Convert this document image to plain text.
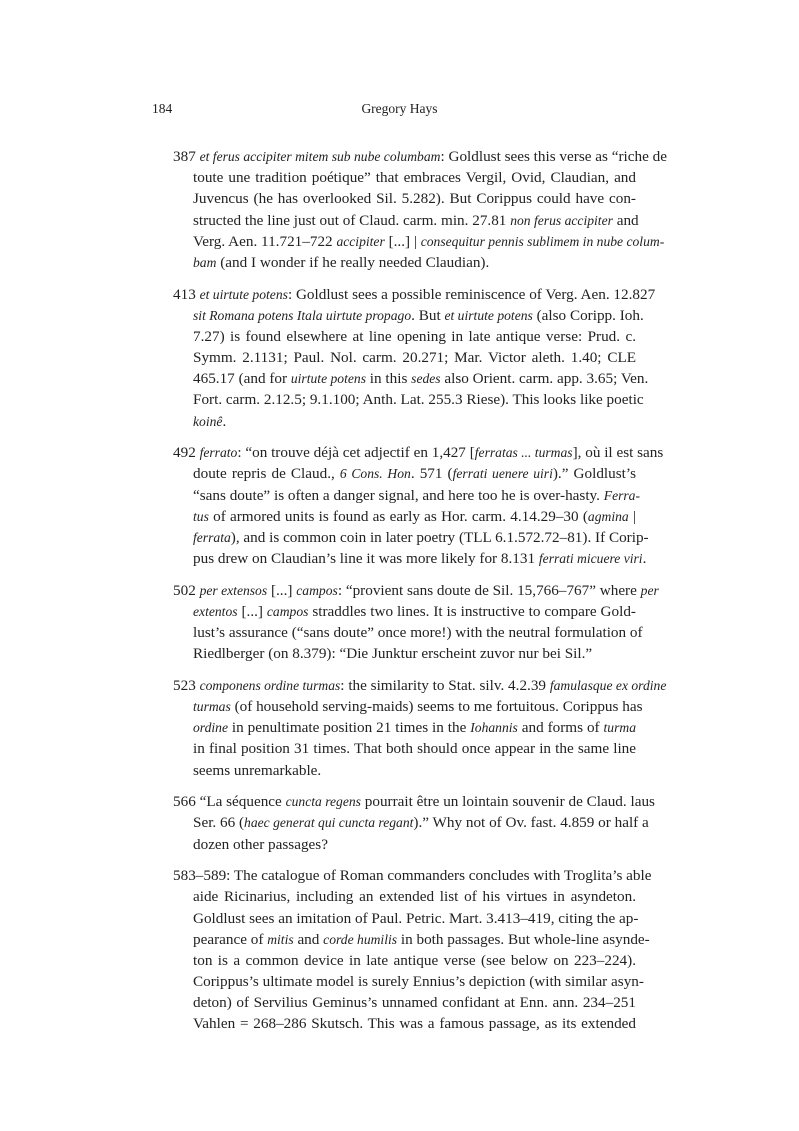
184	Gregory Hays
387 et ferus accipiter mitem sub nube columbam: Goldlust sees this verse as “riche de
toute une tradition poétique” that embraces Vergil, Ovid, Claudian, and
Juvencus (he has overlooked Sil. 5.282). But Corippus could have con-
structed the line just out of Claud. carm. min. 27.81 non ferus accipiter and
Verg. Aen. 11.721–722 accipiter [...] | consequitur pennis sublimem in nube colum-
bam (and I wonder if he really needed Claudian).
413 et uirtute potens: Goldlust sees a possible reminiscence of Verg. Aen. 12.827
sit Romana potens Itala uirtute propago. But et uirtute potens (also Coripp. Ioh.
7.27) is found elsewhere at line opening in late antique verse: Prud. c.
Symm. 2.1131; Paul. Nol. carm. 20.271; Mar. Victor aleth. 1.40; CLE
465.17 (and for uirtute potens in this sedes also Orient. carm. app. 3.65; Ven.
Fort. carm. 2.12.5; 9.1.100; Anth. Lat. 255.3 Riese). This looks like poetic
koinê.
492 ferrato: “on trouve déjà cet adjectif en 1,427 [ferratas ... turmas], où il est sans
doute repris de Claud., 6 Cons. Hon. 571 (ferrati uenere uiri).” Goldlust’s
“sans doute” is often a danger signal, and here too he is over-hasty. Ferra-
tus of armored units is found as early as Hor. carm. 4.14.29–30 (agmina |
ferrata), and is common coin in later poetry (TLL 6.1.572.72–81). If Corip-
pus drew on Claudian’s line it was more likely for 8.131 ferrati micuere viri.
502 per extensos [...] campos: “provient sans doute de Sil. 15,766–767” where per
extentos [...] campos straddles two lines. It is instructive to compare Gold-
lust’s assurance (“sans doute” once more!) with the neutral formulation of
Riedlberger (on 8.379): “Die Junktur erscheint zuvor nur bei Sil.”
523 componens ordine turmas: the similarity to Stat. silv. 4.2.39 famulasque ex ordine
turmas (of household serving-maids) seems to me fortuitous. Corippus has
ordine in penultimate position 21 times in the Iohannis and forms of turma
in final position 31 times. That both should once appear in the same line
seems unremarkable.
566 “La séquence cuncta regens pourrait être un lointain souvenir de Claud. laus
Ser. 66 (haec generat qui cuncta regant).” Why not of Ov. fast. 4.859 or half a
dozen other passages?
583–589: The catalogue of Roman commanders concludes with Troglita’s able
aide Ricinarius, including an extended list of his virtues in asyndeton.
Goldlust sees an imitation of Paul. Petric. Mart. 3.413–419, citing the ap-
pearance of mitis and corde humilis in both passages. But whole-line asynde-
ton is a common device in late antique verse (see below on 223–224).
Corippus’s ultimate model is surely Ennius’s depiction (with similar asyn-
deton) of Servilius Geminus’s unnamed confidant at Enn. ann. 234–251
Vahlen = 268–286 Skutsch. This was a famous passage, as its extended
